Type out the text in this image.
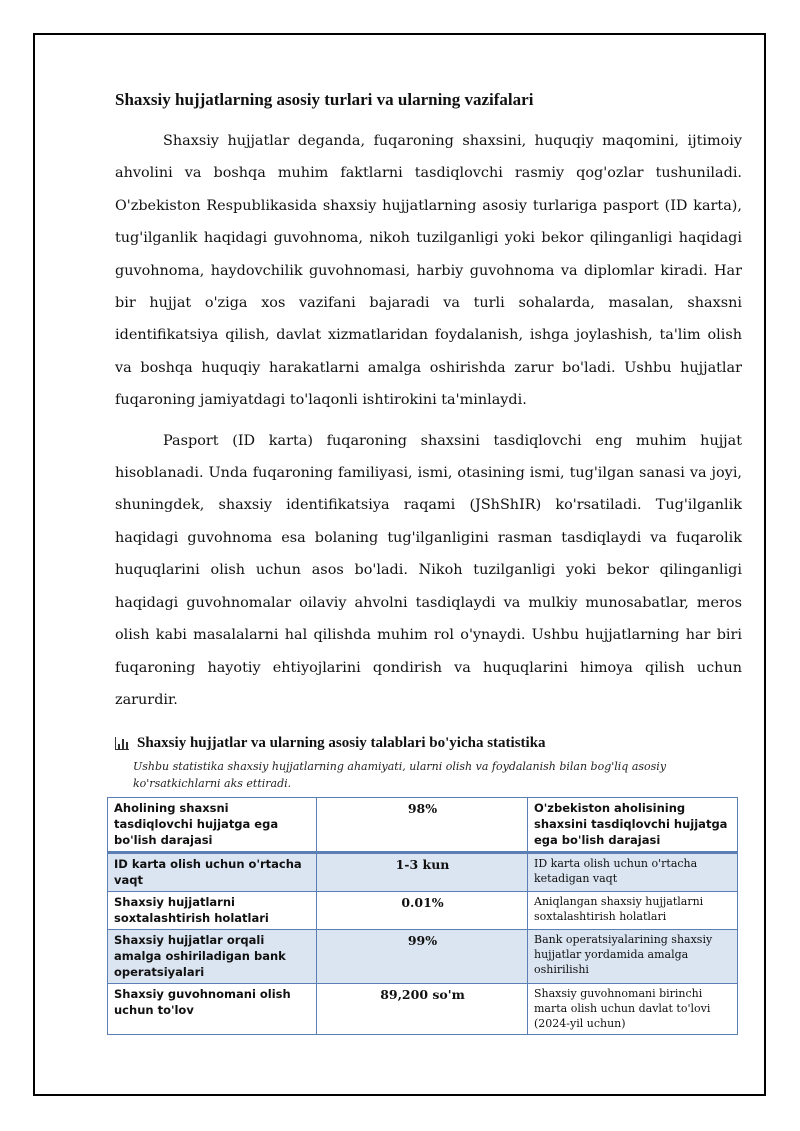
Shaxsiy hujjatlarning asosiy turlari va ularning vazifalari

Shaxsiy hujjatlar deganda, fuqaroning shaxsini, huquqiy maqomini, ijtimoiy ahvolini va boshqa muhim faktlarni tasdiqlovchi rasmiy qog'ozlar tushuniladi. O'zbekiston Respublikasida shaxsiy hujjatlarning asosiy turlariga pasport (ID karta), tug'ilganlik haqidagi guvohnoma, nikoh tuzilganligi yoki bekor qilinganligi haqidagi guvohnoma, haydovchilik guvohnomasi, harbiy guvohnoma va diplomlar kiradi. Har bir hujjat o'ziga xos vazifani bajaradi va turli sohalarda, masalan, shaxsni identifikatsiya qilish, davlat xizmatlaridan foydalanish, ishga joylashish, ta'lim olish va boshqa huquqiy harakatlarni amalga oshirishda zarur bo'ladi. Ushbu hujjatlar fuqaroning jamiyatdagi to'laqonli ishtirokini ta'minlaydi.

Pasport (ID karta) fuqaroning shaxsini tasdiqlovchi eng muhim hujjat hisoblanadi. Unda fuqaroning familiyasi, ismi, otasining ismi, tug'ilgan sanasi va joyi, shuningdek, shaxsiy identifikatsiya raqami (JShShIR) ko'rsatiladi. Tug'ilganlik haqidagi guvohnoma esa bolaning tug'ilganligini rasman tasdiqlaydi va fuqarolik huquqlarini olish uchun asos bo'ladi. Nikoh tuzilganligi yoki bekor qilinganligi haqidagi guvohnomalar oilaviy ahvolni tasdiqlaydi va mulkiy munosabatlar, meros olish kabi masalalarni hal qilishda muhim rol o'ynaydi. Ushbu hujjatlarning har biri fuqaroning hayotiy ehtiyojlarini qondirish va huquqlarini himoya qilish uchun zarurdir.

Shaxsiy hujjatlar va ularning asosiy talablari bo'yicha statistika

Ushbu statistika shaxsiy hujjatlarning ahamiyati, ularni olish va foydalanish bilan bog'liq asosiy ko'rsatkichlarni aks ettiradi.

Aholining shaxsni tasdiqlovchi hujjatga ega bo'lish darajasi	98%	O'zbekiston aholisining shaxsini tasdiqlovchi hujjatga ega bo'lish darajasi
ID karta olish uchun o'rtacha vaqt	1-3 kun	ID karta olish uchun o'rtacha ketadigan vaqt
Shaxsiy hujjatlarni soxtalashtirish holatlari	0.01%	Aniqlangan shaxsiy hujjatlarni soxtalashtirish holatlari
Shaxsiy hujjatlar orqali amalga oshiriladigan bank operatsiyalari	99%	Bank operatsiyalarining shaxsiy hujjatlar yordamida amalga oshirilishi
Shaxsiy guvohnomani olish uchun to'lov	89,200 so'm	Shaxsiy guvohnomani birinchi marta olish uchun davlat to'lovi (2024-yil uchun)
